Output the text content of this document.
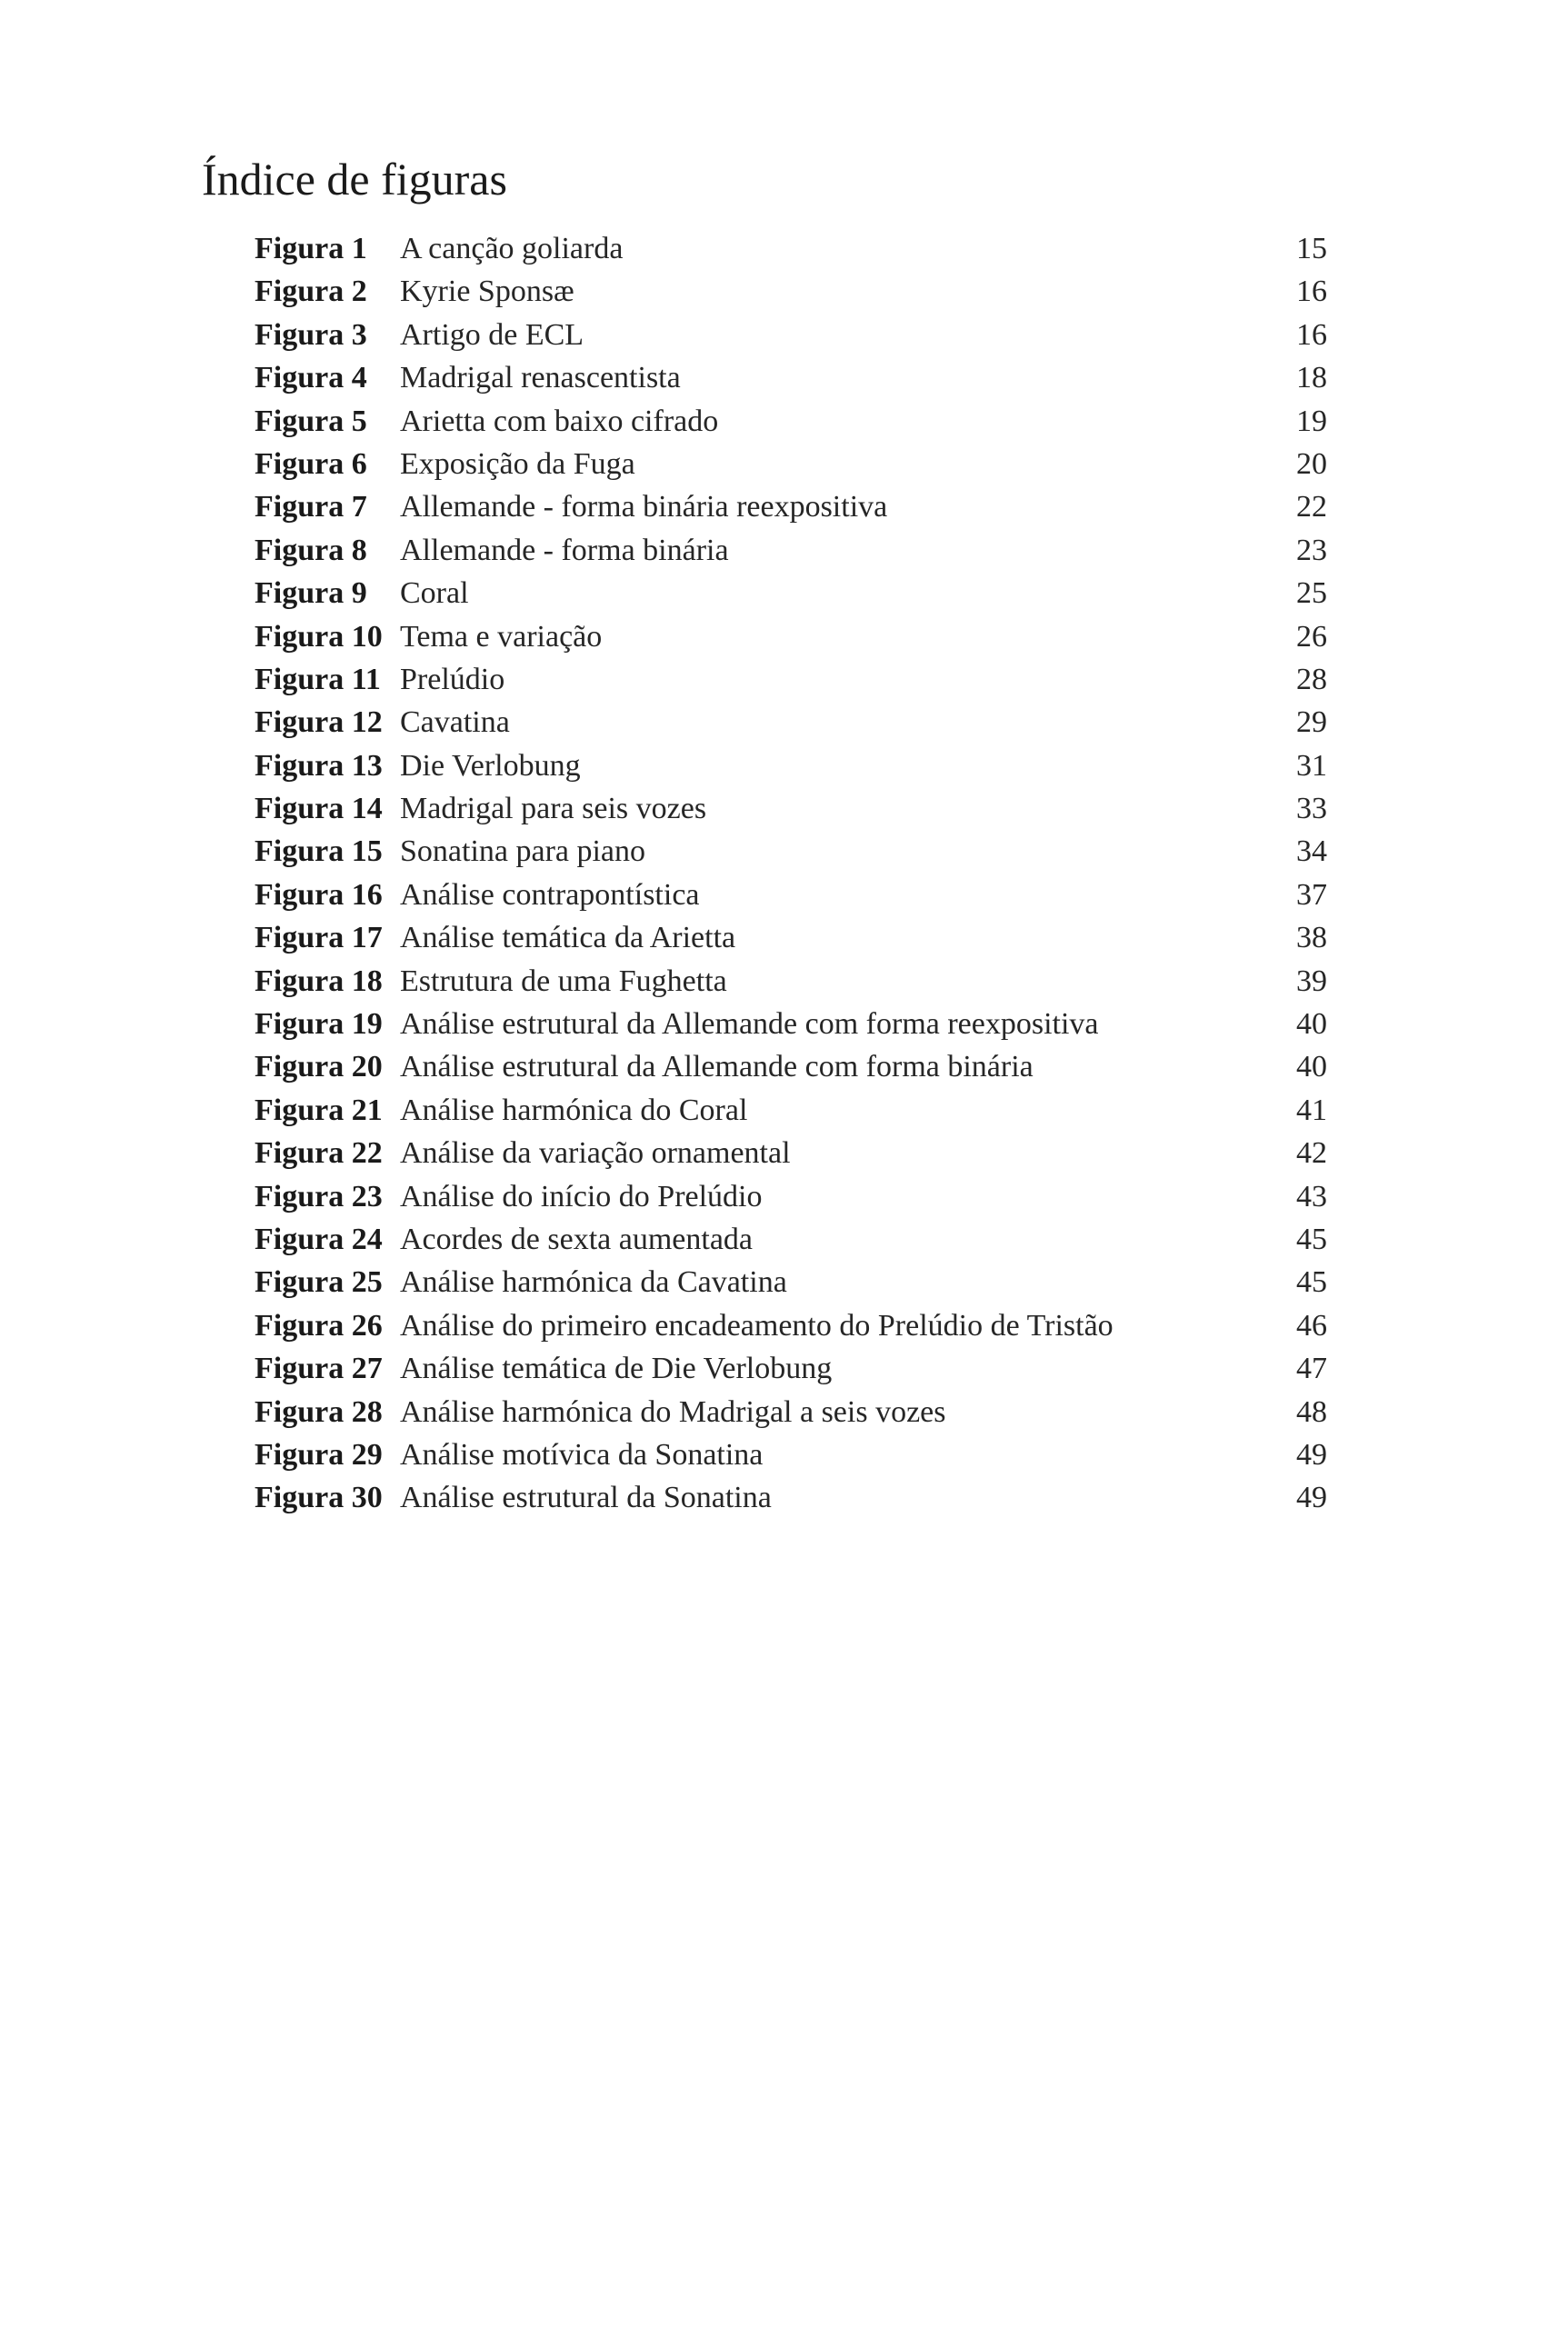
Índice de figuras
Figura 1	A canção goliarda	15
Figura 2	Kyrie Sponsæ	16
Figura 3	Artigo de ECL	16
Figura 4	Madrigal renascentista	18
Figura 5	Arietta com baixo cifrado	19
Figura 6	Exposição da Fuga	20
Figura 7	Allemande - forma binária reexpositiva	22
Figura 8	Allemande - forma binária	23
Figura 9	Coral	25
Figura 10 Tema e variação	26
Figura 11 Prelúdio	28
Figura 12 Cavatina	29
Figura 13 Die Verlobung	31
Figura 14 Madrigal para seis vozes	33
Figura 15 Sonatina para piano	34
Figura 16 Análise contrapontística	37
Figura 17 Análise temática da Arietta	38
Figura 18 Estrutura de uma Fughetta	39
Figura 19 Análise estrutural da Allemande com forma reexpositiva	40
Figura 20 Análise estrutural da Allemande com forma binária	40
Figura 21 Análise harmónica do Coral	41
Figura 22 Análise da variação ornamental	42
Figura 23 Análise do início do Prelúdio	43
Figura 24 Acordes de sexta aumentada	45
Figura 25 Análise harmónica da Cavatina	45
Figura 26 Análise do primeiro encadeamento do Prelúdio de Tristão	46
Figura 27 Análise temática de Die Verlobung	47
Figura 28 Análise harmónica do Madrigal a seis vozes	48
Figura 29 Análise motívica da Sonatina	49
Figura 30 Análise estrutural da Sonatina	49
